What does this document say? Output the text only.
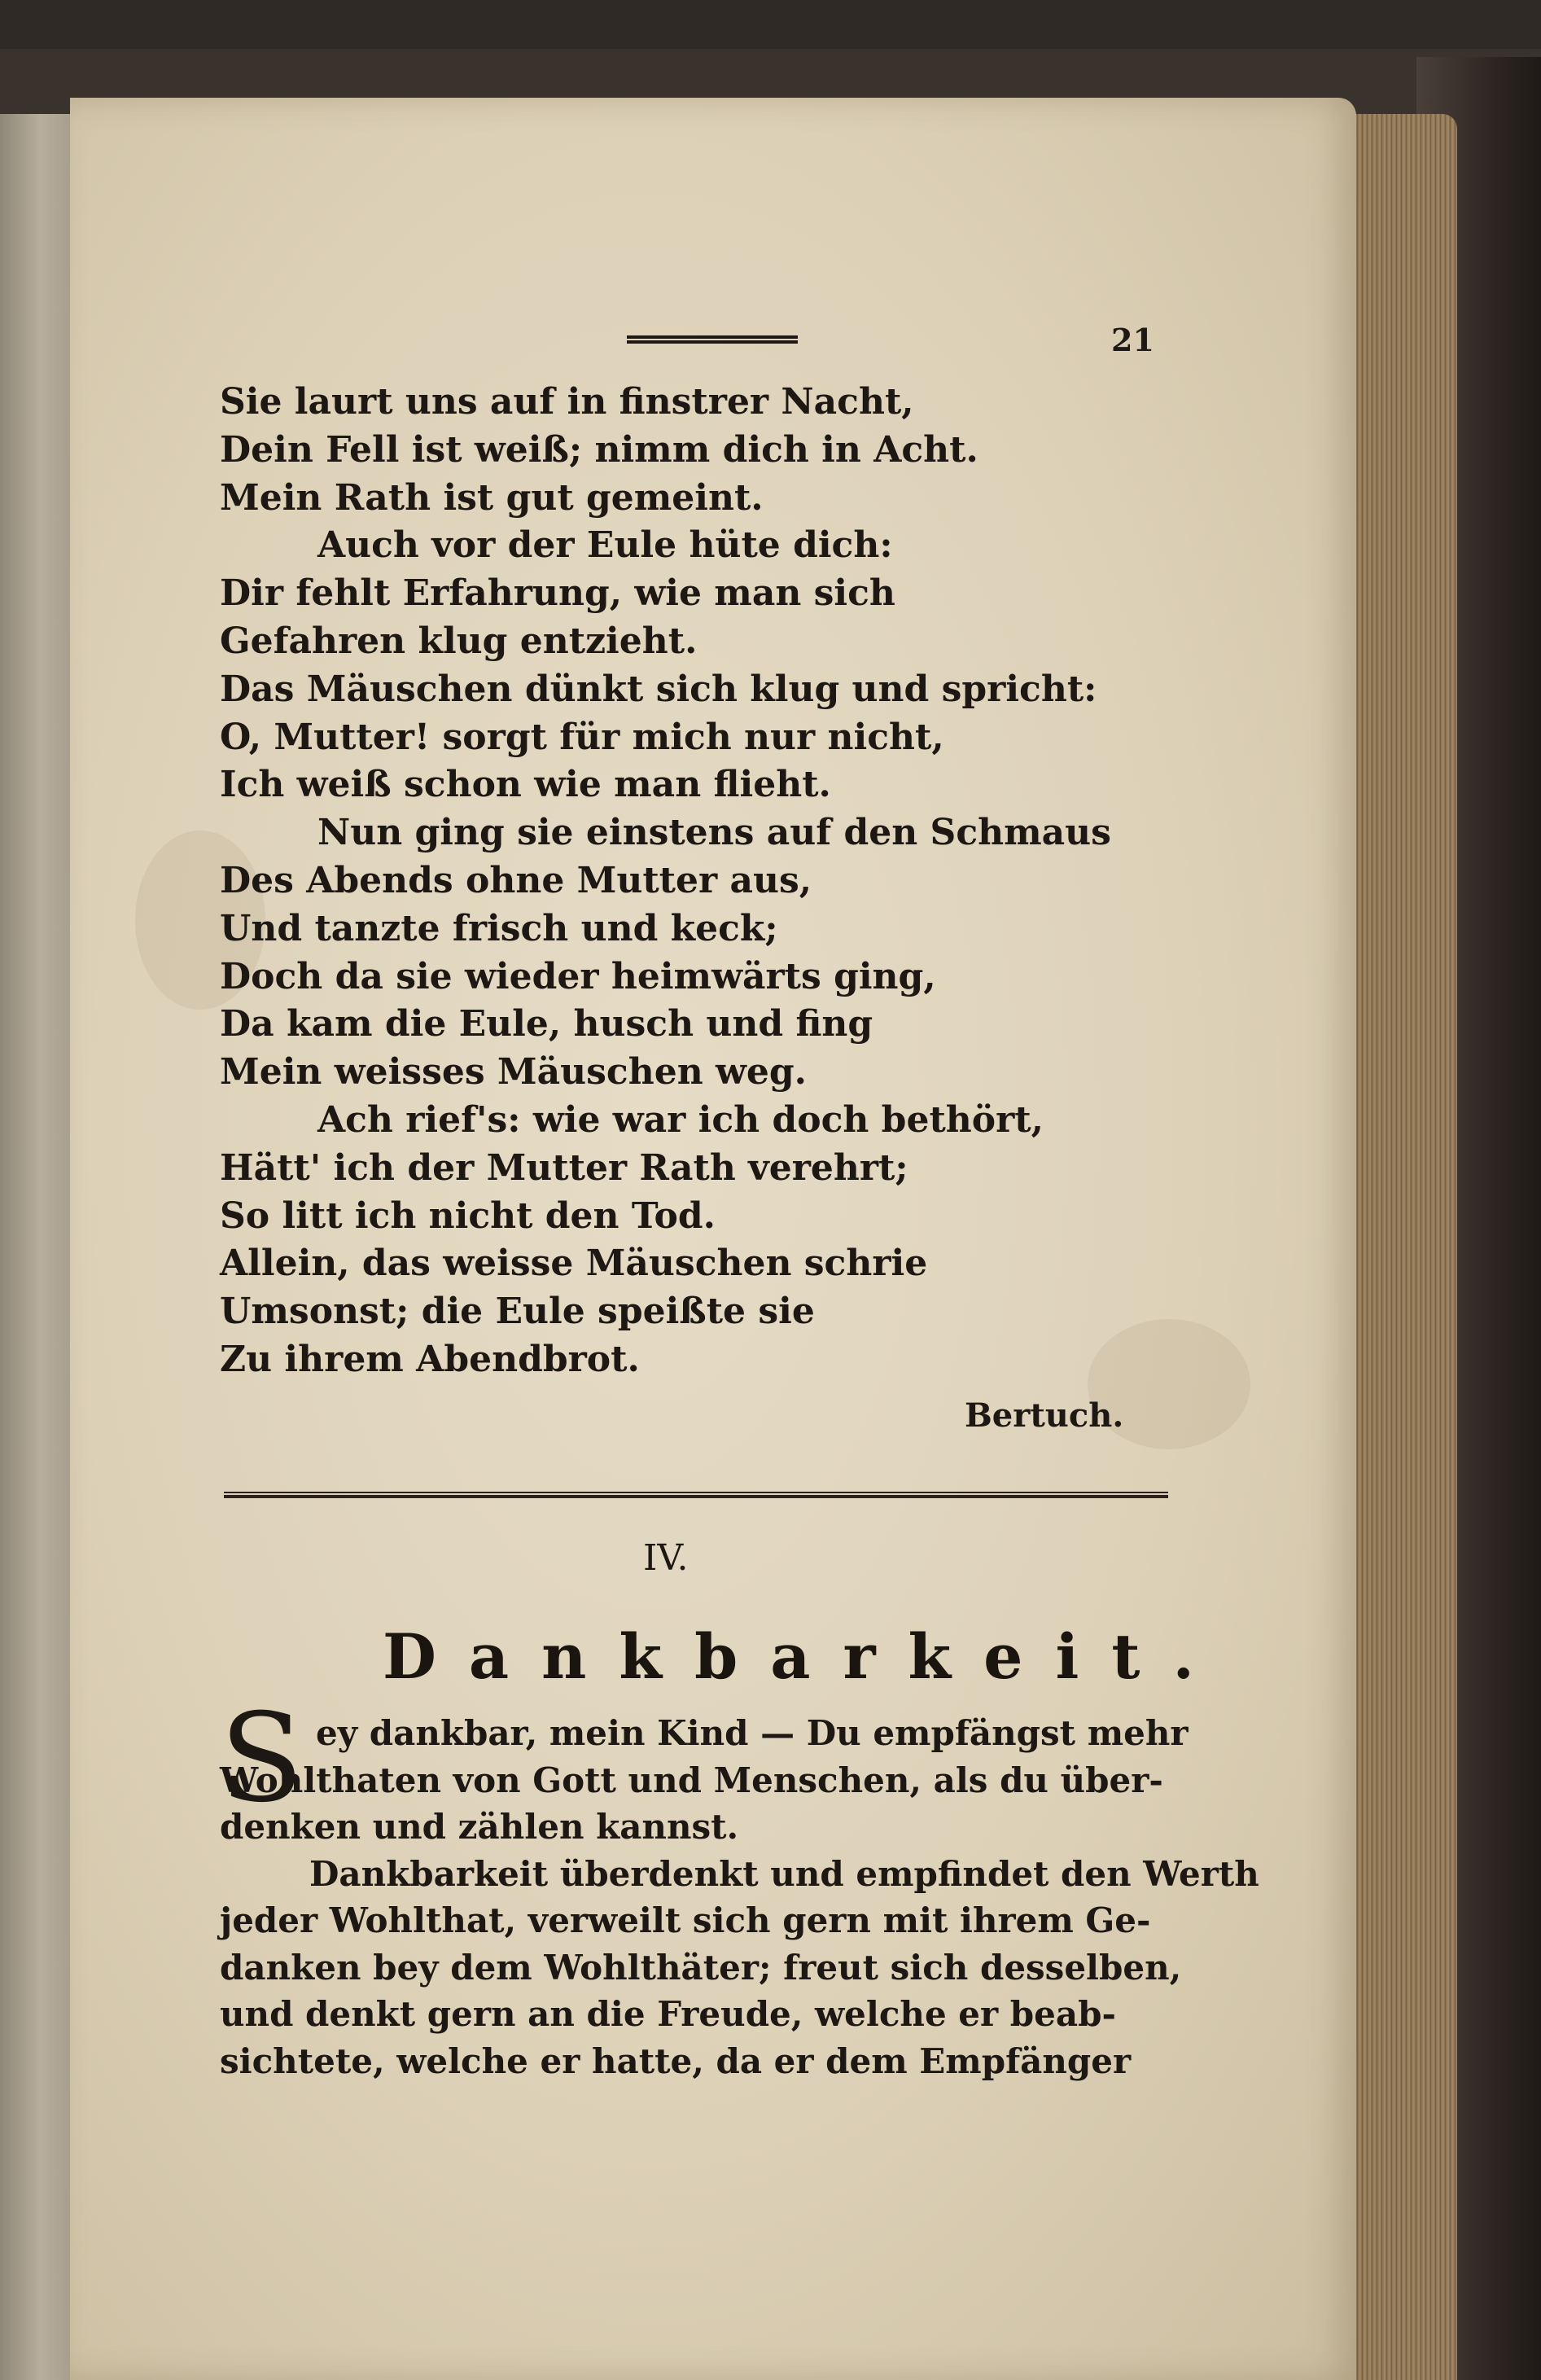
21
Sie laurt uns auf in finstrer Nacht,
Dein Fell ist weiß; nimm dich in Acht.
Mein Rath ist gut gemeint.
Auch vor der Eule hüte dich:
Dir fehlt Erfahrung, wie man sich
Gefahren klug entzieht.
Das Mäuschen dünkt sich klug und spricht:
O, Mutter! sorgt für mich nur nicht,
Ich weiß schon wie man flieht.
Nun ging sie einstens auf den Schmaus
Des Abends ohne Mutter aus,
Und tanzte frisch und keck;
Doch da sie wieder heimwärts ging,
Da kam die Eule, husch und fing
Mein weisses Mäuschen weg.
Ach rief's: wie war ich doch bethört,
Hätt' ich der Mutter Rath verehrt;
So litt ich nicht den Tod.
Allein, das weisse Mäuschen schrie
Umsonst; die Eule speißte sie
Zu ihrem Abendbrot.
Bertuch.
IV.
Dankbarkeit.
S ey dankbar, mein Kind — Du empfängst mehr
Wohlthaten von Gott und Menschen, als du über-
denken und zählen kannst.
Dankbarkeit überdenkt und empfindet den Werth
jeder Wohlthat, verweilt sich gern mit ihrem Ge-
danken bey dem Wohlthäter; freut sich desselben,
und denkt gern an die Freude, welche er beab-
sichtete, welche er hatte, da er dem Empfänger
